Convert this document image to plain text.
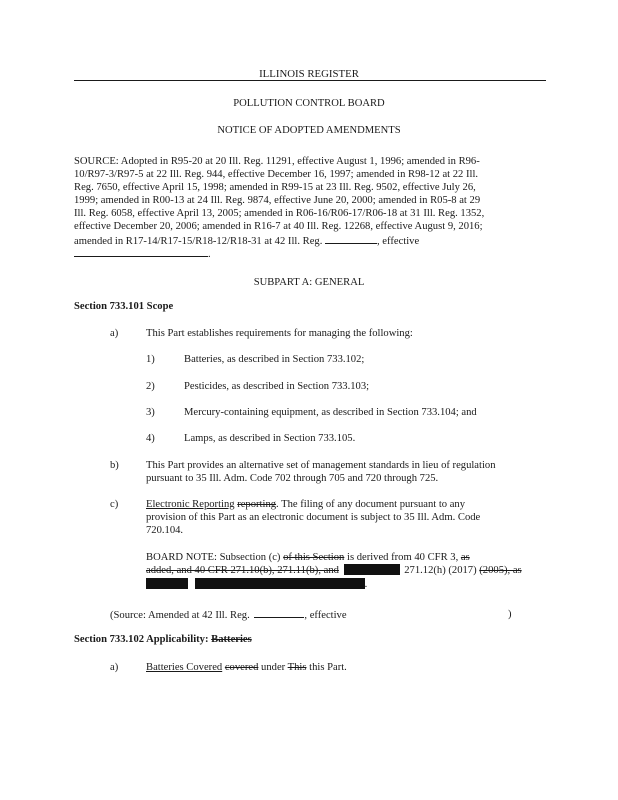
ILLINOIS REGISTER
POLLUTION CONTROL BOARD
NOTICE OF ADOPTED AMENDMENTS
SOURCE: Adopted in R95-20 at 20 Ill. Reg. 11291, effective August 1, 1996; amended in R96-
10/R97-3/R97-5 at 22 Ill. Reg. 944, effective December 16, 1997; amended in R98-12 at 22 Ill.
Reg. 7650, effective April 15, 1998; amended in R99-15 at 23 Ill. Reg. 9502, effective July 26,
1999; amended in R00-13 at 24 Ill. Reg. 9874, effective June 20, 2000; amended in R05-8 at 29
Ill. Reg. 6058, effective April 13, 2005; amended in R06-16/R06-17/R06-18 at 31 Ill. Reg. 1352,
effective December 20, 2006; amended in R16-7 at 40 Ill. Reg. 12268, effective August 9, 2016;
amended in R17-14/R17-15/R18-12/R18-31 at 42 Ill. Reg.	, effective
.
SUBPART A: GENERAL
Section 733.101 Scope
a)	This Part establishes requirements for managing the following:
1)	Batteries, as described in Section 733.102;
2)	Pesticides, as described in Section 733.103;
3)	Mercury-containing equipment, as described in Section 733.104; and
4)	Lamps, as described in Section 733.105.
b)	This Part provides an alternative set of management standards in lieu of regulation
pursuant to 35 Ill. Adm. Code 702 through 705 and 720 through 725.
c)	Electronic Reporting reporting. The filing of any document pursuant to any
provision of this Part as an electronic document is subject to 35 Ill. Adm. Code
720.104.
BOARD NOTE: Subsection (c) of this Section is derived from 40 CFR 3, as
added, and 40 CFR 271.10(b), 271.11(b), and	271.12(h) (2017) (2005), as
.
(Source: Amended at 42 Ill. Reg.	, effective	)
Section 733.102 Applicability: Batteries
a)	Batteries Covered covered under This this Part.
